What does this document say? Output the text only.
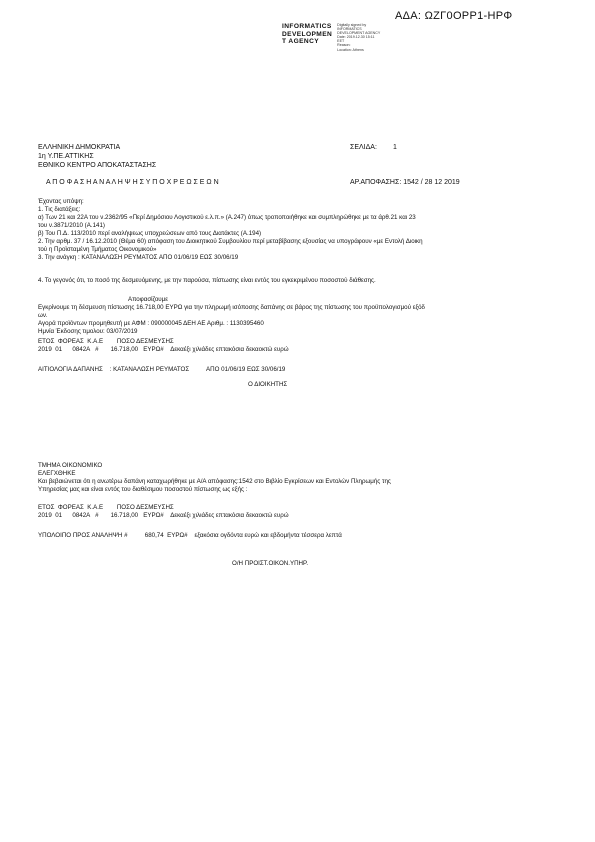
ΑΔΑ: ΩΖΓ0ΟΡΡ1-ΗΡΦ
INFORMATICS
DEVELOPMEN
T AGENCY
Digitally signed by
INFORMATICS
DEVELOPMENT AGENCY
Date: 2019.12.30 15:11
EET
Reason:
Location: Athens
ΕΛΛΗΝΙΚΗ ΔΗΜΟΚΡΑΤΙΑ
1η Υ.ΠΕ.ΑΤΤΙΚΗΣ
ΕΘΝΙΚΟ ΚΕΝΤΡΟ ΑΠΟΚΑΤΑΣΤΑΣΗΣ
ΣΕΛΙΔΑ: 1
Α Π Ο Φ Α Σ Η Α Ν Α Λ Η Ψ Η Σ Υ Π Ο Χ Ρ Ε Ω Σ Ε Ω Ν	ΑΡ.ΑΠΟΦΑΣΗΣ: 1542 / 28 12 2019
Έχοντας υπόψη:
1. Τις διατάξεις:
α) Των 21 και 22Α του ν.2362/95 «Περί Δημόσιου Λογιστικού ε.λ.π.» (Α.247) όπως τροποποιήθηκε και συμπληρώθηκε με τα άρθ.21 και 23
του ν.3871/2010 (Α.141)
β) Του Π.Δ. 113/2010 περί αναλήψεως υποχρεώσεων από τους Διατάκτες (Α.194)
2. Την αρθμ. 37 / 16.12.2010 (Θέμα 60) απόφαση του Διοικητικού Συμβουλίου περί μεταβίβασης εξουσίας να υπογράφουν «με Εντολή Διοικη
τού η Προϊσταμένη Τμήματος Οικονομικού»
3. Την ανάγκη : ΚΑΤΑΝΑΛΩΣΗ ΡΕΥΜΑΤΟΣ ΑΠΟ 01/06/19 ΕΩΣ 30/06/19
4. Το γεγονός ότι, το ποσό της δεσμευόμενης, με την παρούσα, πίστωσης είναι εντός του εγκεκριμένου ποσοστού διάθεσης.
Αποφασίζουμε
Εγκρίνουμε τη δέσμευση πίστωσης 16.718,00 ΕΥΡΩ για την πληρωμή ισόποσης δαπάνης σε βάρος της πίστωσης του προϋπολογισμού εξόδ
ων.
Αγορά προϊόντων προμηθευτή με ΑΦΜ : 090000045 ΔΕΗ ΑΕ Αριθμ. : 1130395460
Ημνία Έκδοσης τιμολου: 03/07/2019
ΕΤΟΣ  ΦΟΡΕΑΣ  Κ.Α.Ε        ΠΟΣΟ ΔΕΣΜΕΥΣΗΣ
2019  01      0842Α   #       16.718,00   ΕΥΡΩ#    Δεκαέξι χιλιάδες επτακόσια δεκαοκτώ ευρώ
ΑΙΤΙΟΛΟΓΙΑ ΔΑΠΑΝΗΣ    : ΚΑΤΑΝΑΛΩΣΗ ΡΕΥΜΑΤΟΣ          ΑΠΟ 01/06/19 ΕΩΣ 30/06/19
Ο ΔΙΟΙΚΗΤΗΣ
ΤΜΗΜΑ ΟΙΚΟΝΟΜΙΚΟ
ΕΛΕΓΧΘΗΚΕ
Και βεβαιώνεται ότι η ανωτέρω δαπάνη καταχωρήθηκε με Α/Α απόφασης:1542 στο Βιβλίο Εγκρίσεων και Εντολών Πληρωμής της
Υπηρεσίας μας και είναι εντός του διαθέσιμου ποσοστού πίστωσης ως εξής :
ΕΤΟΣ  ΦΟΡΕΑΣ  Κ.Α.Ε        ΠΟΣΟ ΔΕΣΜΕΥΣΗΣ
2019  01      0842Α   #       16.718,00   ΕΥΡΩ#    Δεκαέξι χιλιάδες επτακόσια δεκαοκτώ ευρώ
ΥΠΟΛΟΙΠΟ ΠΡΟΣ ΑΝΑΛΗΨΗ #          680,74  ΕΥΡΩ#    εξακόσια ογδόντα ευρώ και εβδομήντα τέσσερα λεπτά
Ο/Η ΠΡΟΙΣΤ.ΟΙΚΟΝ.ΥΠΗΡ.
